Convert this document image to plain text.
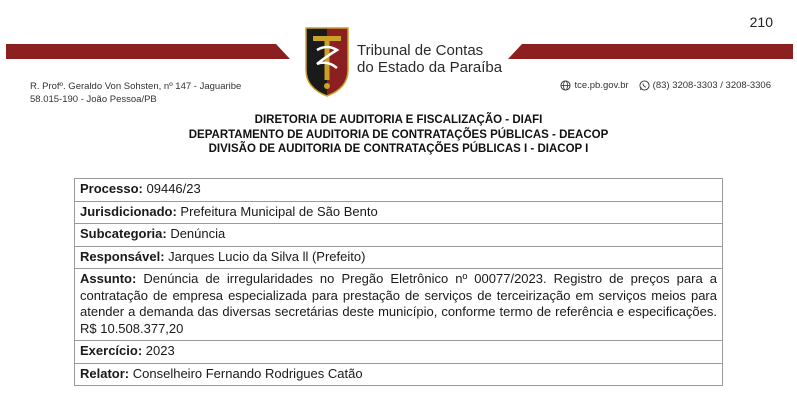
210
Tribunal de Contas
do Estado da Paraíba
R. Profº. Geraldo Von Sohsten, nº 147 - Jaguaribe
58.015-190 - João Pessoa/PB
tce.pb.gov.br	(83) 3208-3303 / 3208-3306
DIRETORIA DE AUDITORIA E FISCALIZAÇÃO - DIAFI
DEPARTAMENTO DE AUDITORIA DE CONTRATAÇÕES PÚBLICAS - DEACOP
DIVISÃO DE AUDITORIA DE CONTRATAÇÕES PÚBLICAS I - DIACOP I
Processo: 09446/23
Jurisdicionado: Prefeitura Municipal de São Bento
Subcategoria: Denúncia
Responsável: Jarques Lucio da Silva ll (Prefeito)
Assunto: Denúncia de irregularidades no Pregão Eletrônico nº 00077/2023. Registro de preços para a contratação de empresa especializada para prestação de serviços de terceirização em serviços meios para atender a demanda das diversas secretárias deste município, conforme termo de referência e especificações. R$ 10.508.377,20
Exercício: 2023
Relator: Conselheiro Fernando Rodrigues Catão
